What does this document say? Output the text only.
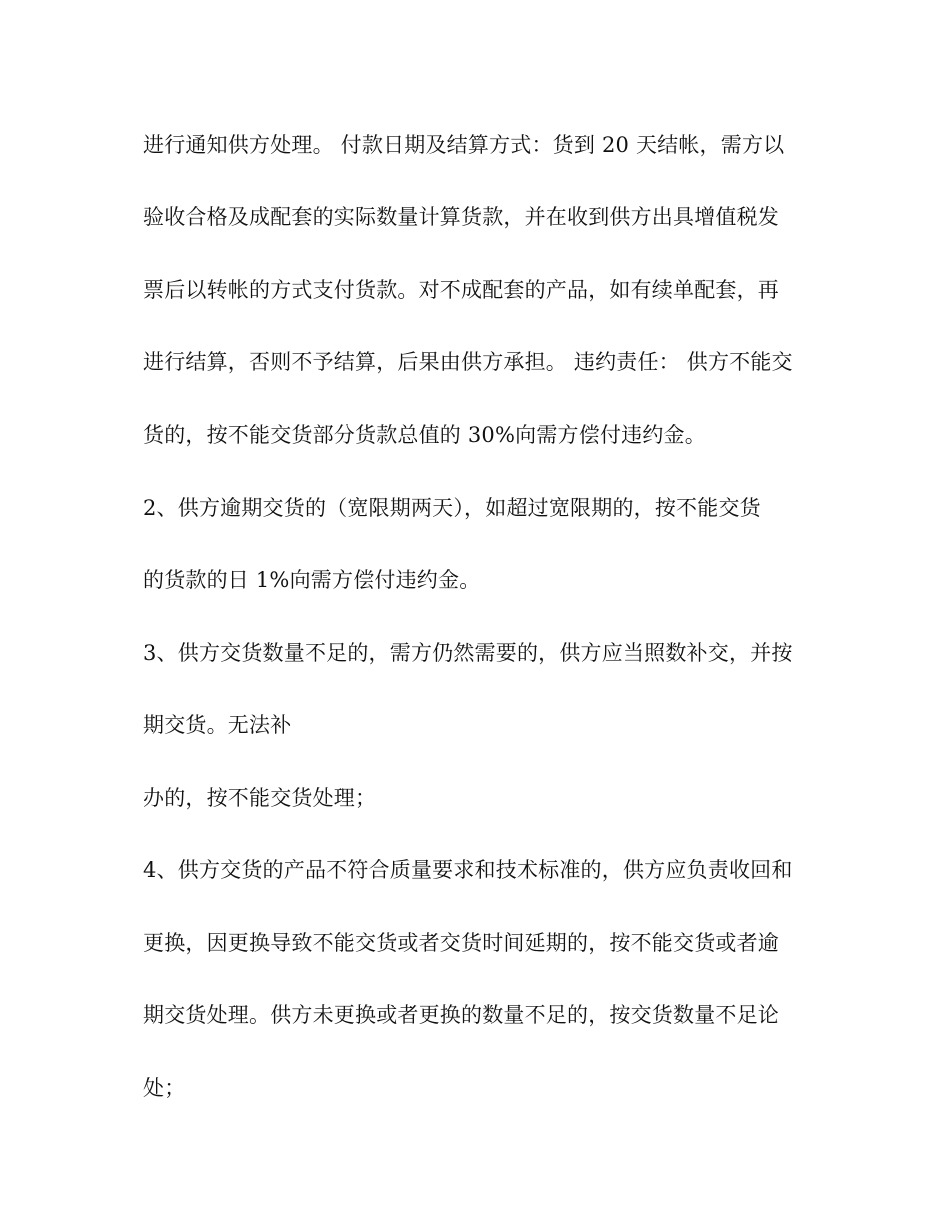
进行通知供方处理。 付款日期及结算方式：货到 20 天结帐，需方以
验收合格及成配套的实际数量计算货款，并在收到供方出具增值税发
票后以转帐的方式支付货款。对不成配套的产品，如有续单配套，再
进行结算，否则不予结算，后果由供方承担。 违约责任： 供方不能交
货的，按不能交货部分货款总值的 30%向需方偿付违约金。
2、供方逾期交货的（宽限期两天），如超过宽限期的，按不能交货
的货款的日 1%向需方偿付违约金。
3、供方交货数量不足的，需方仍然需要的，供方应当照数补交，并按
期交货。无法补
办的，按不能交货处理；
4、供方交货的产品不符合质量要求和技术标准的，供方应负责收回和
更换，因更换导致不能交货或者交货时间延期的，按不能交货或者逾
期交货处理。供方未更换或者更换的数量不足的，按交货数量不足论
处；
